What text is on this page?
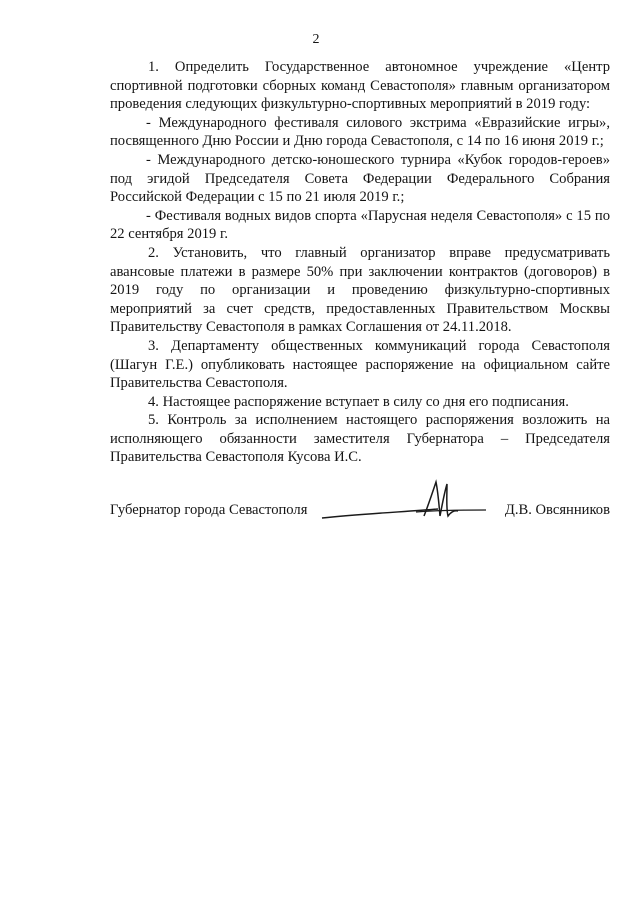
2

1. Определить Государственное автономное учреждение «Центр спортивной подготовки сборных команд Севастополя» главным организатором проведения следующих физкультурно-спортивных мероприятий в 2019 году:

- Международного фестиваля силового экстрима «Евразийские игры», посвященного Дню России и Дню города Севастополя, с 14 по 16 июня 2019 г.;

- Международного детско-юношеского турнира «Кубок городов-героев» под эгидой Председателя Совета Федерации Федерального Собрания Российской Федерации с 15 по 21 июля 2019 г.;

- Фестиваля водных видов спорта «Парусная неделя Севастополя» с 15 по 22 сентября 2019 г.

2. Установить, что главный организатор вправе предусматривать авансовые платежи в размере 50% при заключении контрактов (договоров) в 2019 году по организации и проведению физкультурно-спортивных мероприятий за счет средств, предоставленных Правительством Москвы Правительству Севастополя в рамках Соглашения от 24.11.2018.

3. Департаменту общественных коммуникаций города Севастополя (Шагун Г.Е.) опубликовать настоящее распоряжение на официальном сайте Правительства Севастополя.

4. Настоящее распоряжение вступает в силу со дня его подписания.

5. Контроль за исполнением настоящего распоряжения возложить на исполняющего обязанности заместителя Губернатора – Председателя Правительства Севастополя Кусова И.С.

Губернатор города Севастополя	Д.В. Овсянников
